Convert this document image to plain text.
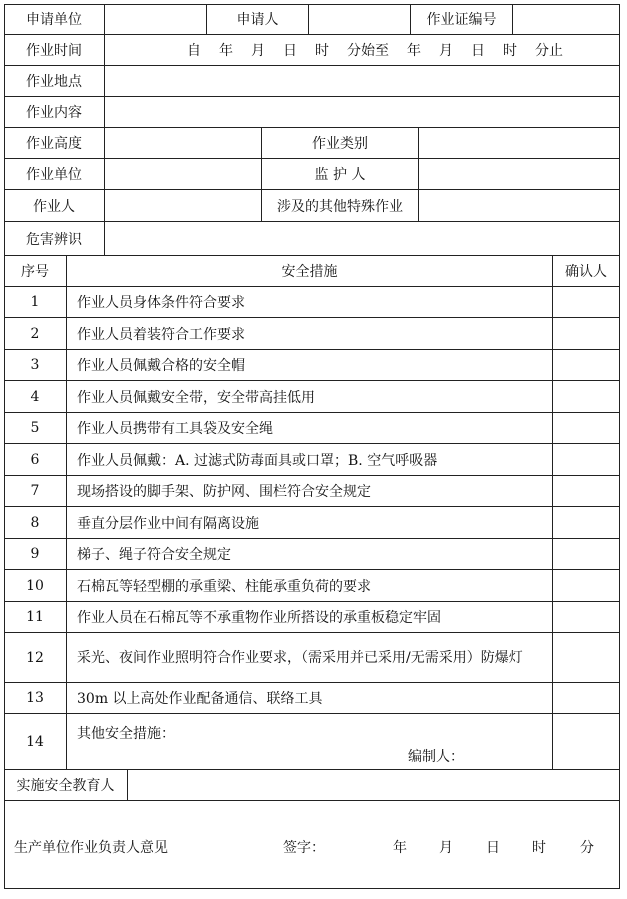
申请单位	申请人	作业证编号
作业时间	自 年 月 日 时 分始至 年 月 日 时 分止
作业地点
作业内容
作业高度	作业类别
作业单位	监 护 人
作业人	涉及的其他特殊作业
危害辨识
序号	安全措施	确认人
1	作业人员身体条件符合要求
2	作业人员着装符合工作要求
3	作业人员佩戴合格的安全帽
4	作业人员佩戴安全带，安全带高挂低用
5	作业人员携带有工具袋及安全绳
6	作业人员佩戴：A. 过滤式防毒面具或口罩；B. 空气呼吸器
7	现场搭设的脚手架、防护网、围栏符合安全规定
8	垂直分层作业中间有隔离设施
9	梯子、绳子符合安全规定
10	石棉瓦等轻型棚的承重梁、柱能承重负荷的要求
11	作业人员在石棉瓦等不承重物作业所搭设的承重板稳定牢固
12	采光、夜间作业照明符合作业要求，（需采用并已采用/无需采用）防爆灯
13	30m 以上高处作业配备通信、联络工具
14	其他安全措施：
编制人：
实施安全教育人
生产单位作业负责人意见	签字：	年 月 日 时 分
